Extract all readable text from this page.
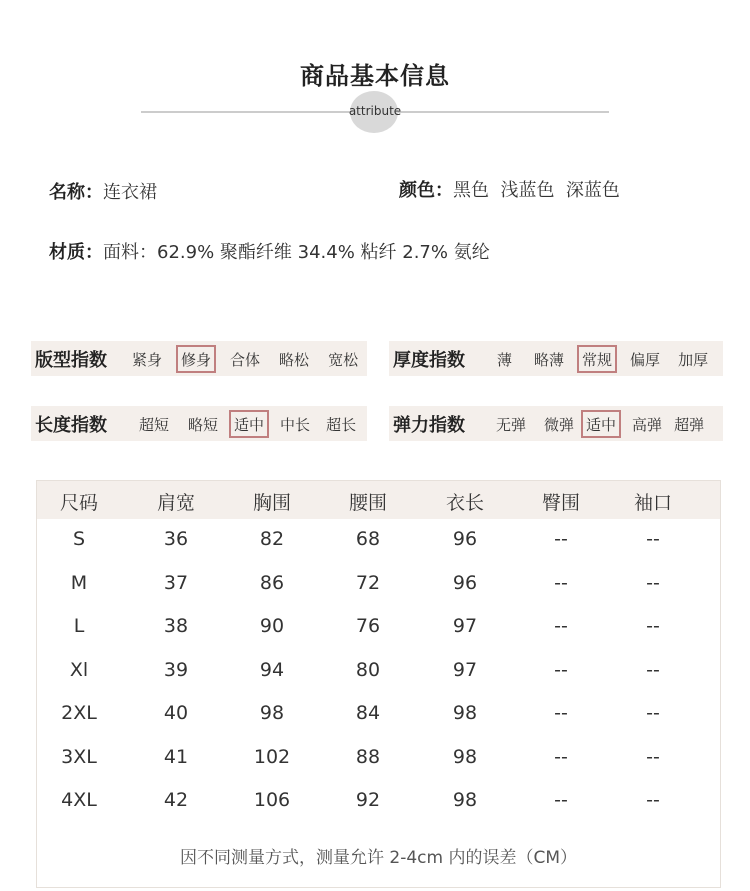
商品基本信息
attribute
名称：连衣裙	颜色：黑色  浅蓝色  深蓝色
材质：面料：62.9% 聚酯纤维 34.4% 粘纤 2.7% 氨纶
版型指数	紧身	修身	合体	略松	宽松 厚度指数	薄	略薄	常规	偏厚	加厚
长度指数	超短	略短	适中	中长	超长 弹力指数	无弹	微弹 适中	高弹 超弹
尺码	肩宽	胸围	腰围	衣长	臀围	袖口
S	36	82	68	96	--	--
M	37	86	72	96	--	--
L	38	90	76	97	--	--
Xl	39	94	80	97	--	--
2XL	40	98	84	98	--	--
3XL	41	102	88	98	--	--
4XL	42	106	92	98	--	--
因不同测量方式，测量允许 2-4cm 内的误差（CM）
